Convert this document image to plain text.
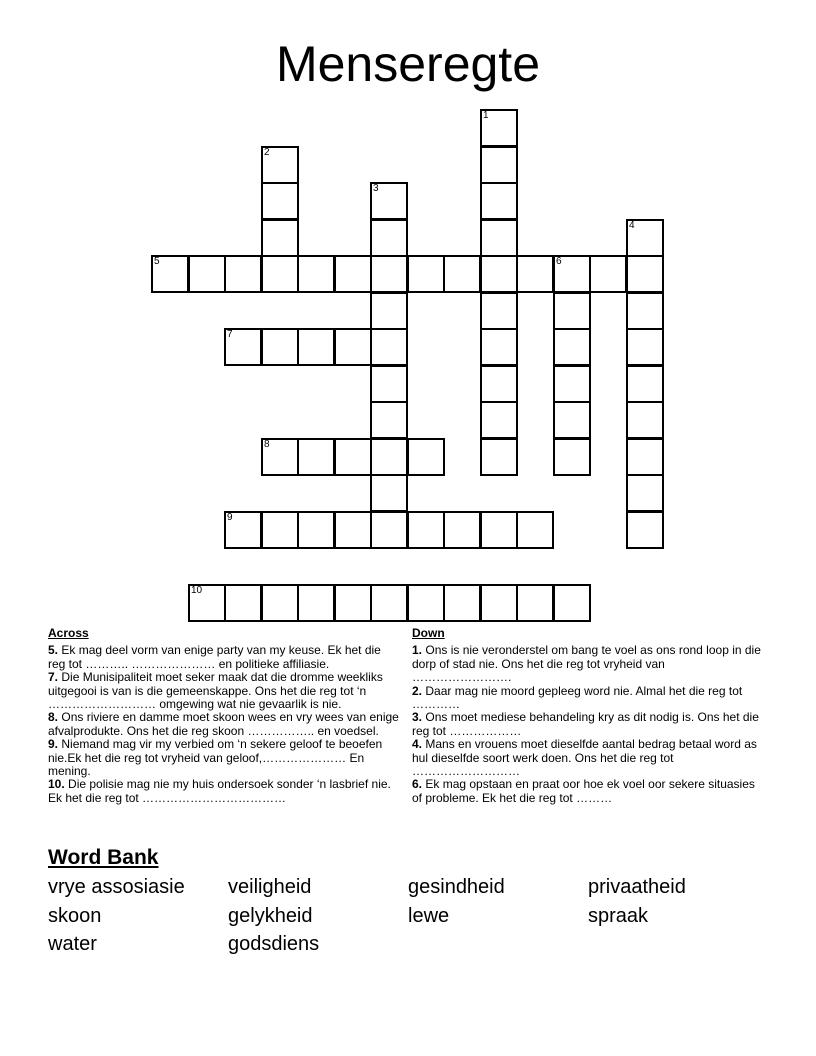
Menseregte
1
2
3
4
5	6
7
8
9
10
Across
5. Ek mag deel vorm van enige party van my keuse. Ek het die reg tot ……….. ………………… en politieke affiliasie.
7. Die Munisipaliteit moet seker maak dat die dromme weekliks uitgegooi is van is die gemeenskappe. Ons het die reg tot ‘n ……………………… omgewing wat nie gevaarlik is nie.
8. Ons riviere en damme moet skoon wees en vry wees van enige afvalprodukte. Ons het die reg skoon …………….. en voedsel.
9. Niemand mag vir my verbied om ‘n sekere geloof te beoefen nie.Ek het die reg tot vryheid van geloof,………………… En mening.
10. Die polisie mag nie my huis ondersoek sonder ‘n lasbrief nie. Ek het die reg tot ………………………………
Down
1. Ons is nie veronderstel om bang te voel as ons rond loop in die dorp of stad nie. Ons het die reg tot vryheid van …………………….
2. Daar mag nie moord gepleeg word nie. Almal het die reg tot …………
3. Ons moet mediese behandeling kry as dit nodig is. Ons het die reg tot ………………
4. Mans en vrouens moet dieselfde aantal bedrag betaal word as hul dieselfde soort werk doen. Ons het die reg tot ………………………
6. Ek mag opstaan en praat oor hoe ek voel oor sekere situasies of probleme. Ek het die reg tot ………
Word Bank
vrye assosiasie	veiligheid	gesindheid	privaatheid
skoon	gelykheid	lewe	spraak
water	godsdiens
